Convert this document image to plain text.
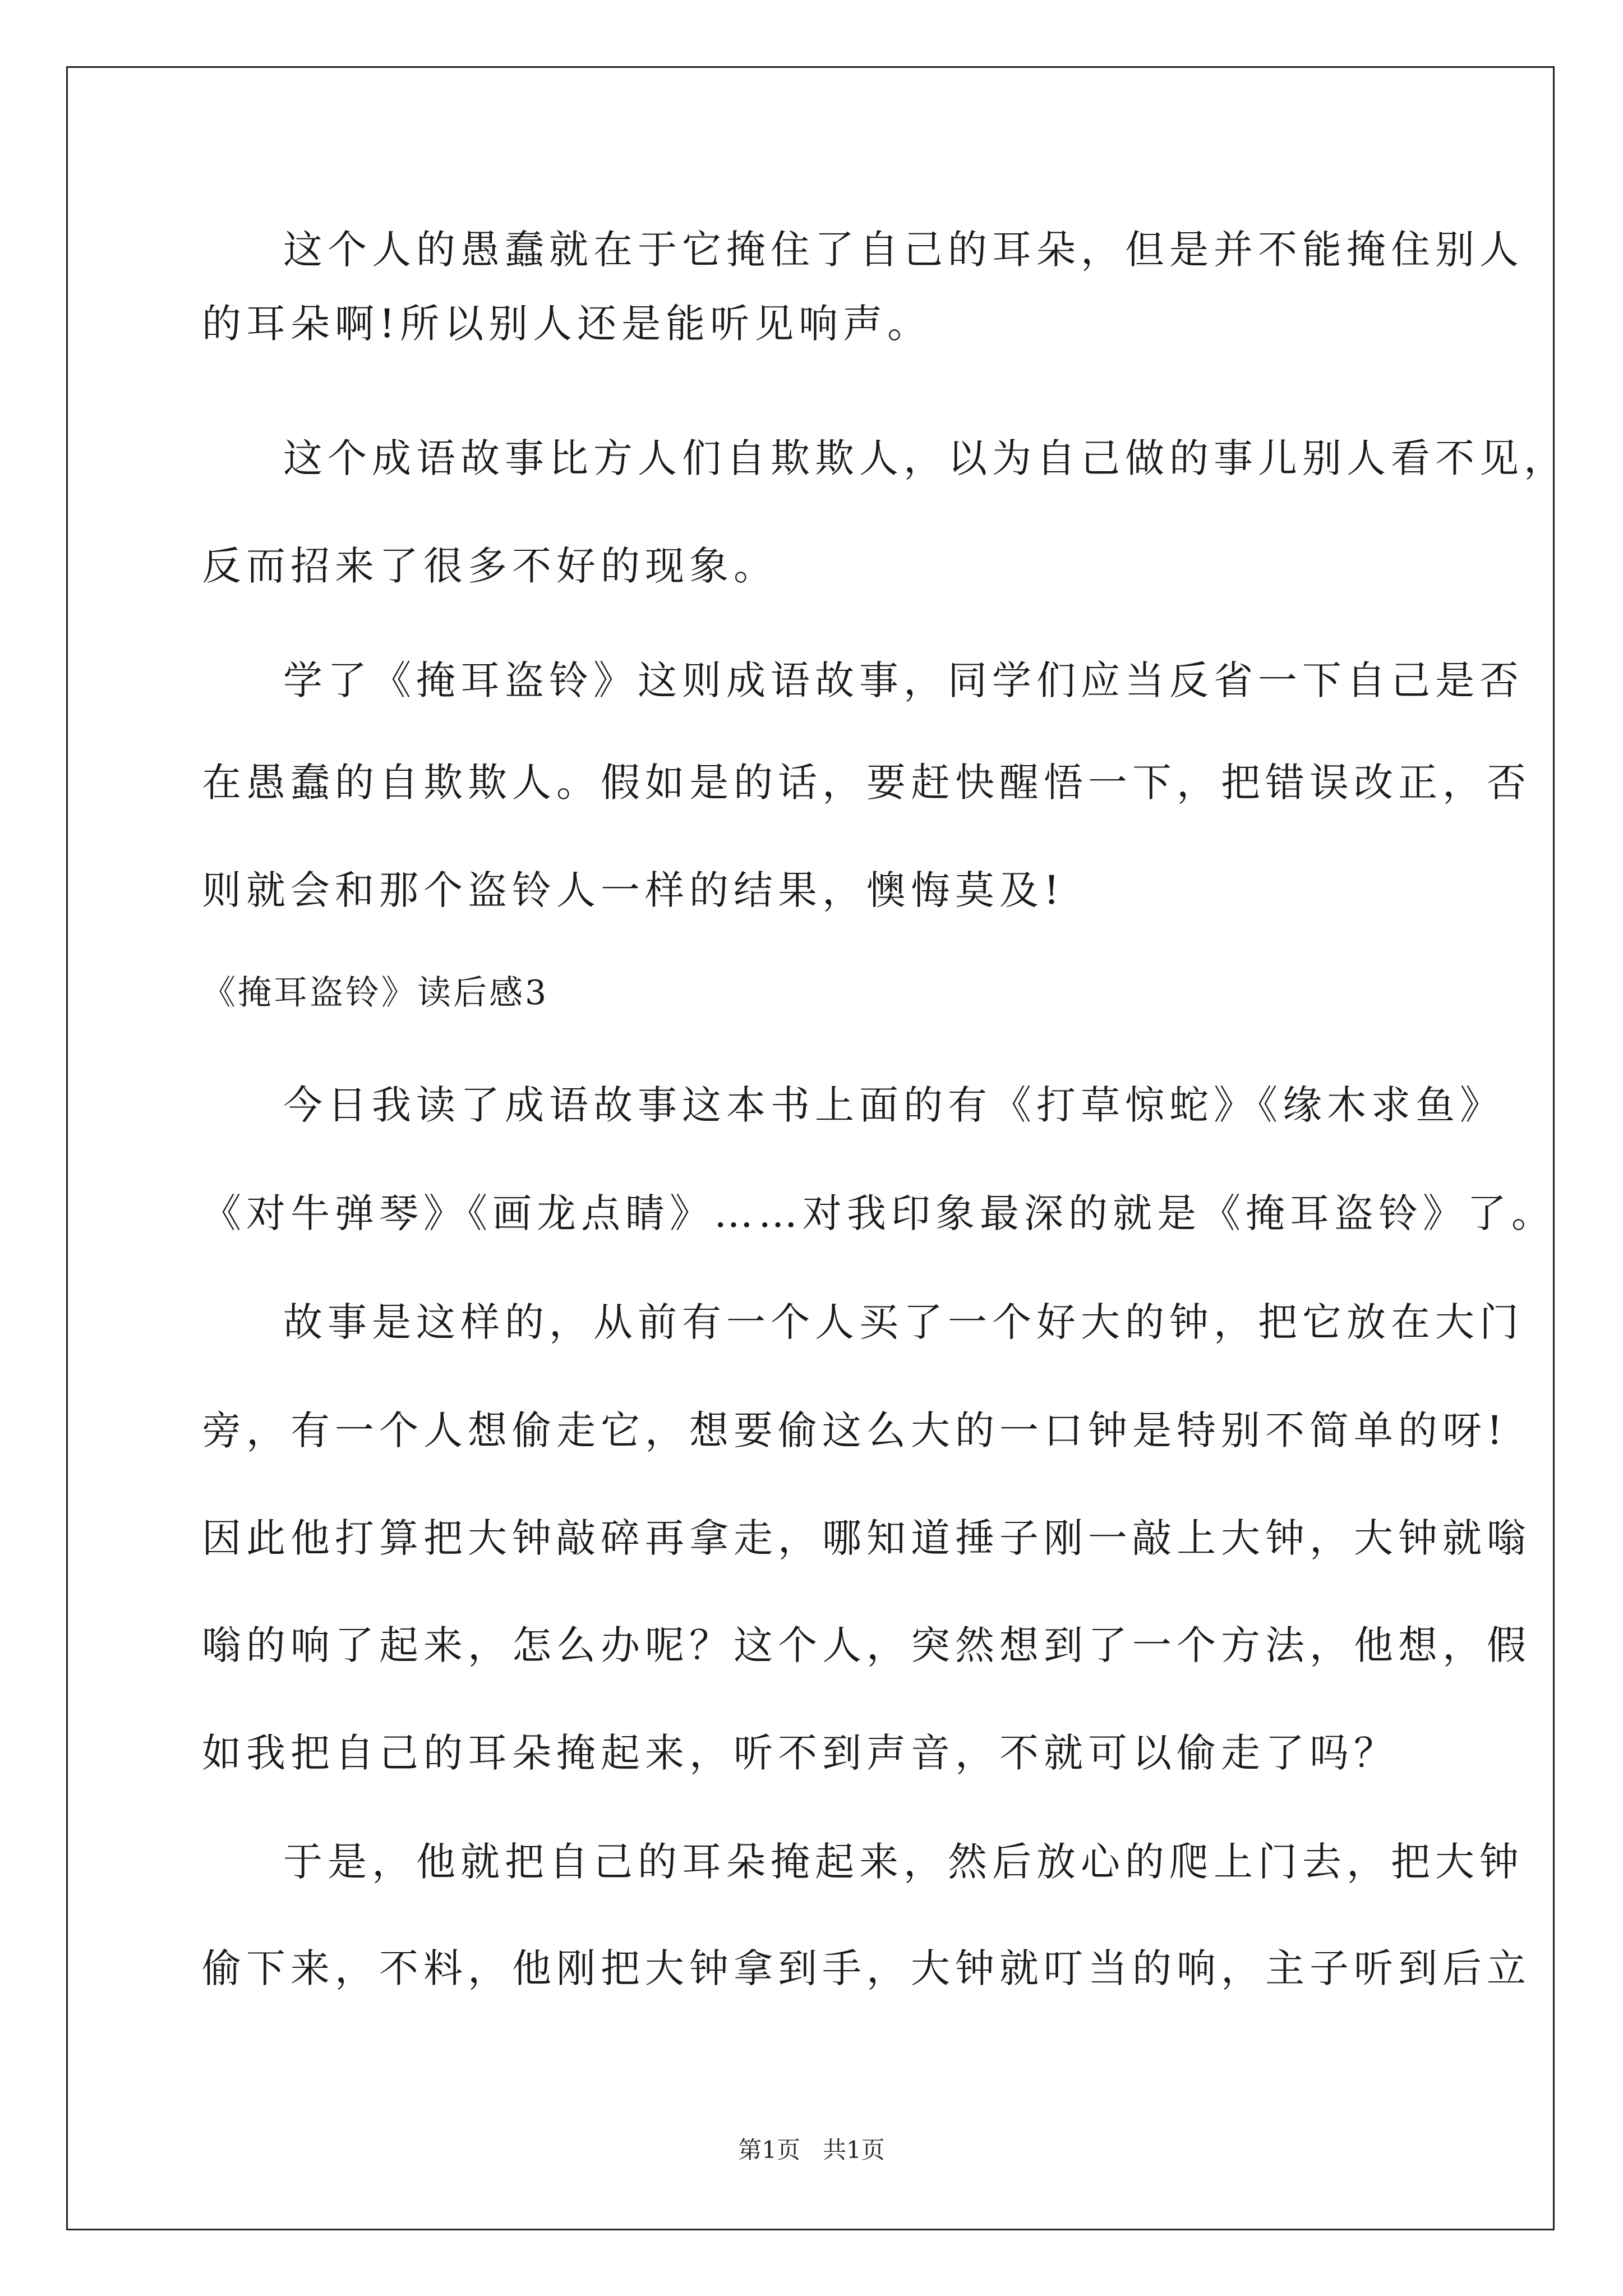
这个人的愚蠢就在于它掩住了自己的耳朵，但是并不能掩住别人
的耳朵啊!所以别人还是能听见响声。
这个成语故事比方人们自欺欺人，以为自己做的事儿别人看不见，
反而招来了很多不好的现象。
学了《掩耳盗铃》这则成语故事，同学们应当反省一下自己是否
在愚蠢的自欺欺人。假如是的话，要赶快醒悟一下，把错误改正，否
则就会和那个盗铃人一样的结果，懊悔莫及!
《掩耳盗铃》读后感3
今日我读了成语故事这本书上面的有《打草惊蛇》《缘木求鱼》
《对牛弹琴》《画龙点睛》……对我印象最深的就是《掩耳盗铃》了。
故事是这样的，从前有一个人买了一个好大的钟，把它放在大门
旁，有一个人想偷走它，想要偷这么大的一口钟是特别不简单的呀!
因此他打算把大钟敲碎再拿走，哪知道捶子刚一敲上大钟，大钟就嗡
嗡的响了起来，怎么办呢？这个人，突然想到了一个方法，他想，假
如我把自己的耳朵掩起来，听不到声音，不就可以偷走了吗？
于是，他就把自己的耳朵掩起来，然后放心的爬上门去，把大钟
偷下来，不料，他刚把大钟拿到手，大钟就叮当的响，主子听到后立
第1页   共1页
